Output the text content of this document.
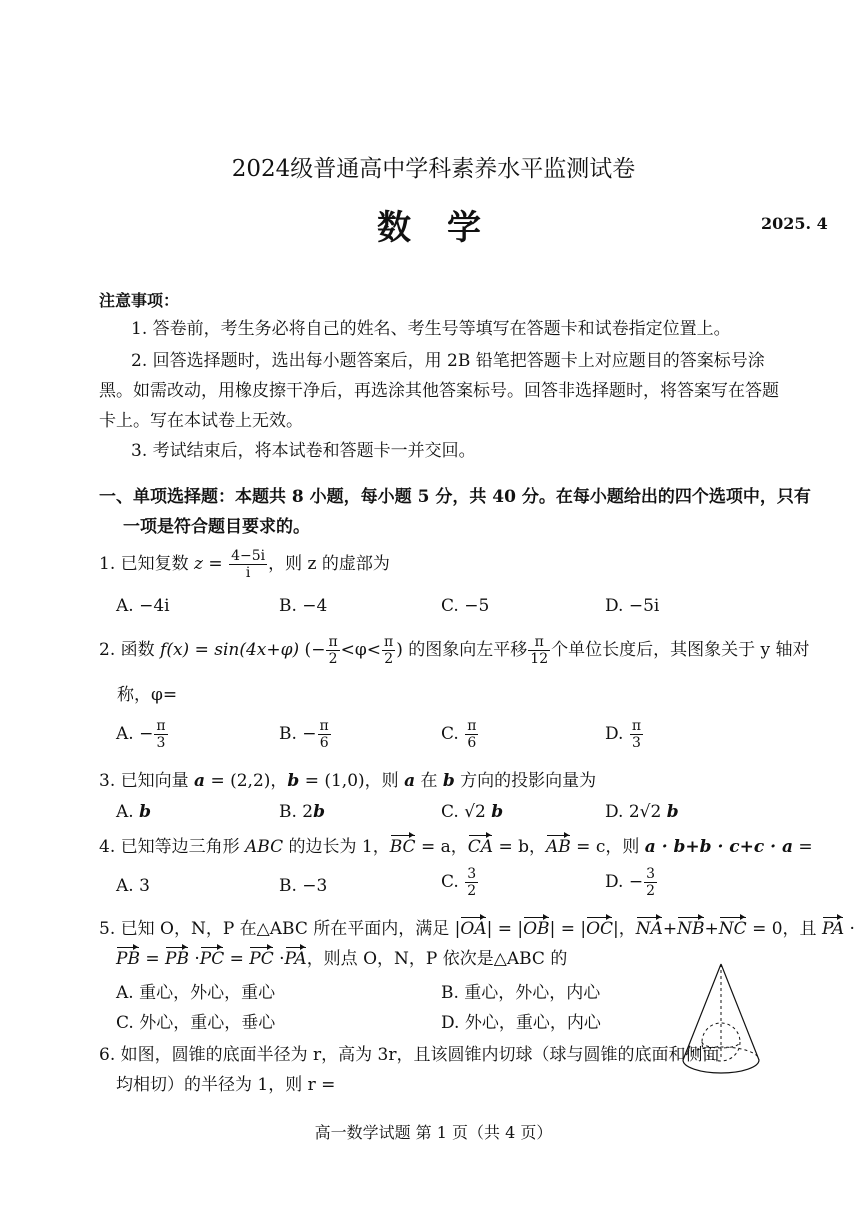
2024级普通高中学科素养水平监测试卷
数学	2025. 4
注意事项：
1. 答卷前，考生务必将自己的姓名、考生号等填写在答题卡和试卷指定位置上。
2. 回答选择题时，选出每小题答案后，用 2B 铅笔把答题卡上对应题目的答案标号涂
黑。如需改动，用橡皮擦干净后，再选涂其他答案标号。回答非选择题时，将答案写在答题
卡上。写在本试卷上无效。
3. 考试结束后，将本试卷和答题卡一并交回。
一、单项选择题：本题共 8 小题，每小题 5 分，共 40 分。在每小题给出的四个选项中，只有
一项是符合题目要求的。
1. 已知复数 $z = \frac{4-5i}{i}$ ，则 z 的虚部为
A. −4i	B. −4	C. −5	D. −5i
2. 函数 f(x) = sin(4x+φ) (− $\frac{\pi}{2} <\varphi< \frac{\pi}{2}$ ) 的图象向左平移 $\frac{\pi}{12}$ 个单位长度后，其图象关于 y 轴对
称，φ=
A. − $\frac{\pi}{3}$	B. − $\frac{\pi}{6}$	C. $\frac{\pi}{6}$	D. $\frac{\pi}{3}$
3. 已知向量 a = (2,2)，b = (1,0)，则 a 在 b 方向的投影向量为
A. b	B. 2b	C. √2 b	D. 2√2 b
4. 已知等边三角形 ABC 的边长为 1，BC = a，CA = b，AB = c，则 a · b+b · c+c · a =
A. 3	B. −3	C. $\frac{3}{2}$	D. − $\frac{3}{2}$
5. 已知 O，N，P 在△ABC 所在平面内，满足 |OA| = |OB| = |OC|，NA+NB+NC = 0，且 PA ·
PB = PB ·PC = PC ·PA，则点 O，N，P 依次是△ABC 的
A. 重心，外心，重心	B. 重心，外心，内心
C. 外心，重心，垂心	D. 外心，重心，内心
6. 如图，圆锥的底面半径为 r，高为 3r，且该圆锥内切球（球与圆锥的底面和侧面
均相切）的半径为 1，则 r =
高一数学试题 第 1 页（共 4 页）
